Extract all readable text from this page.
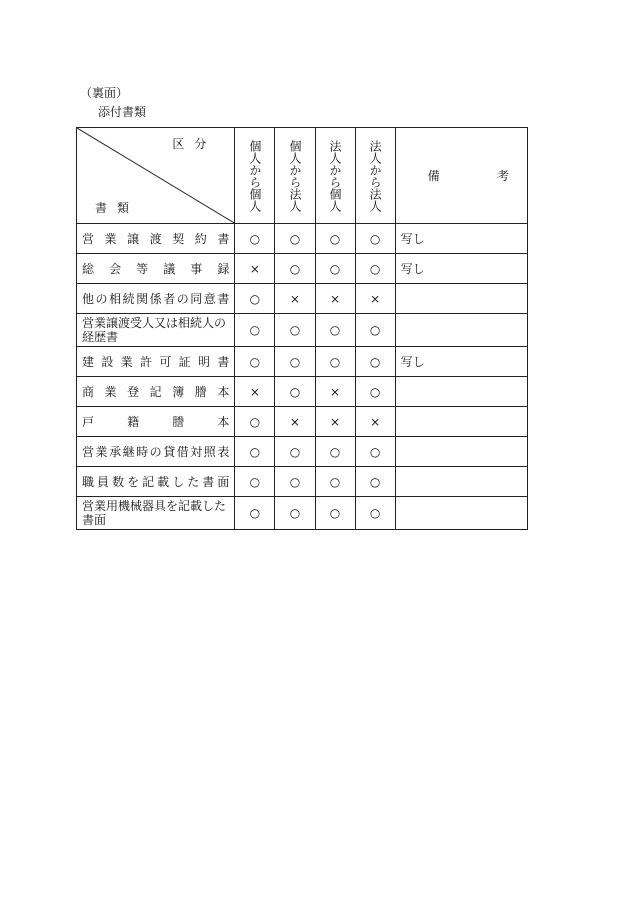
（裏面）
添付書類
区分
書類	個人から個人	個人から法人	法人から個人	法人から法人	備 考

営業譲渡契約書	○	○	○	○	写し

総会等議事録	×	○	○	○	写し

他の相続関係者の同意書	○	×	×	×	

営業譲渡受人又は相続人の経歴書	○	○	○	○	

建設業許可証明書	○	○	○	○	写し

商業登記簿謄本	×	○	×	○	

戸籍謄本	○	×	×	×	

営業承継時の貸借対照表	○	○	○	○	

職員数を記載した書面	○	○	○	○	

営業用機械器具を記載した書面	○	○	○	○	
